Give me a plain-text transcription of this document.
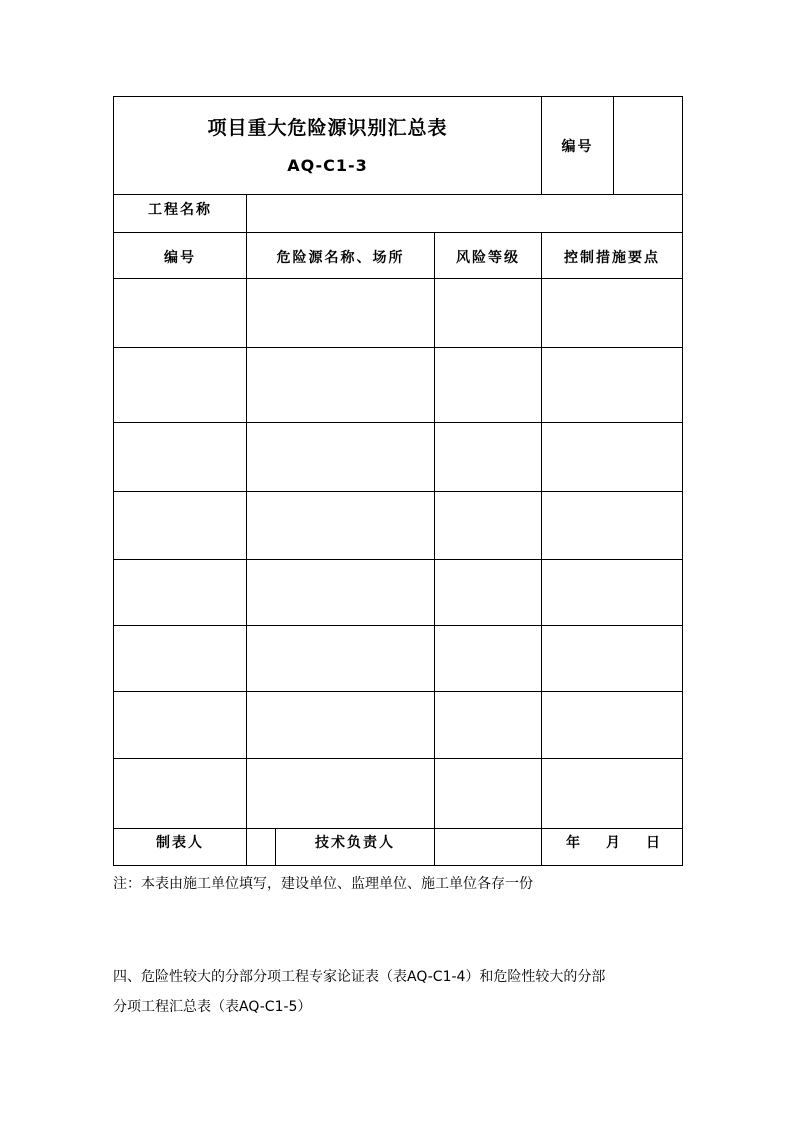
项目重大危险源识别汇总表
AQ-C1-3				编号	
工程名称					
编号	危险源名称、场所		风险等级	控制措施要点	

制表人		技术负责人		年 月 日	
注：本表由施工单位填写，建设单位、监理单位、施工单位各存一份
四、危险性较大的分部分项工程专家论证表（表AQ-C1-4）和危险性较大的分部
分项工程汇总表（表AQ-C1-5）
